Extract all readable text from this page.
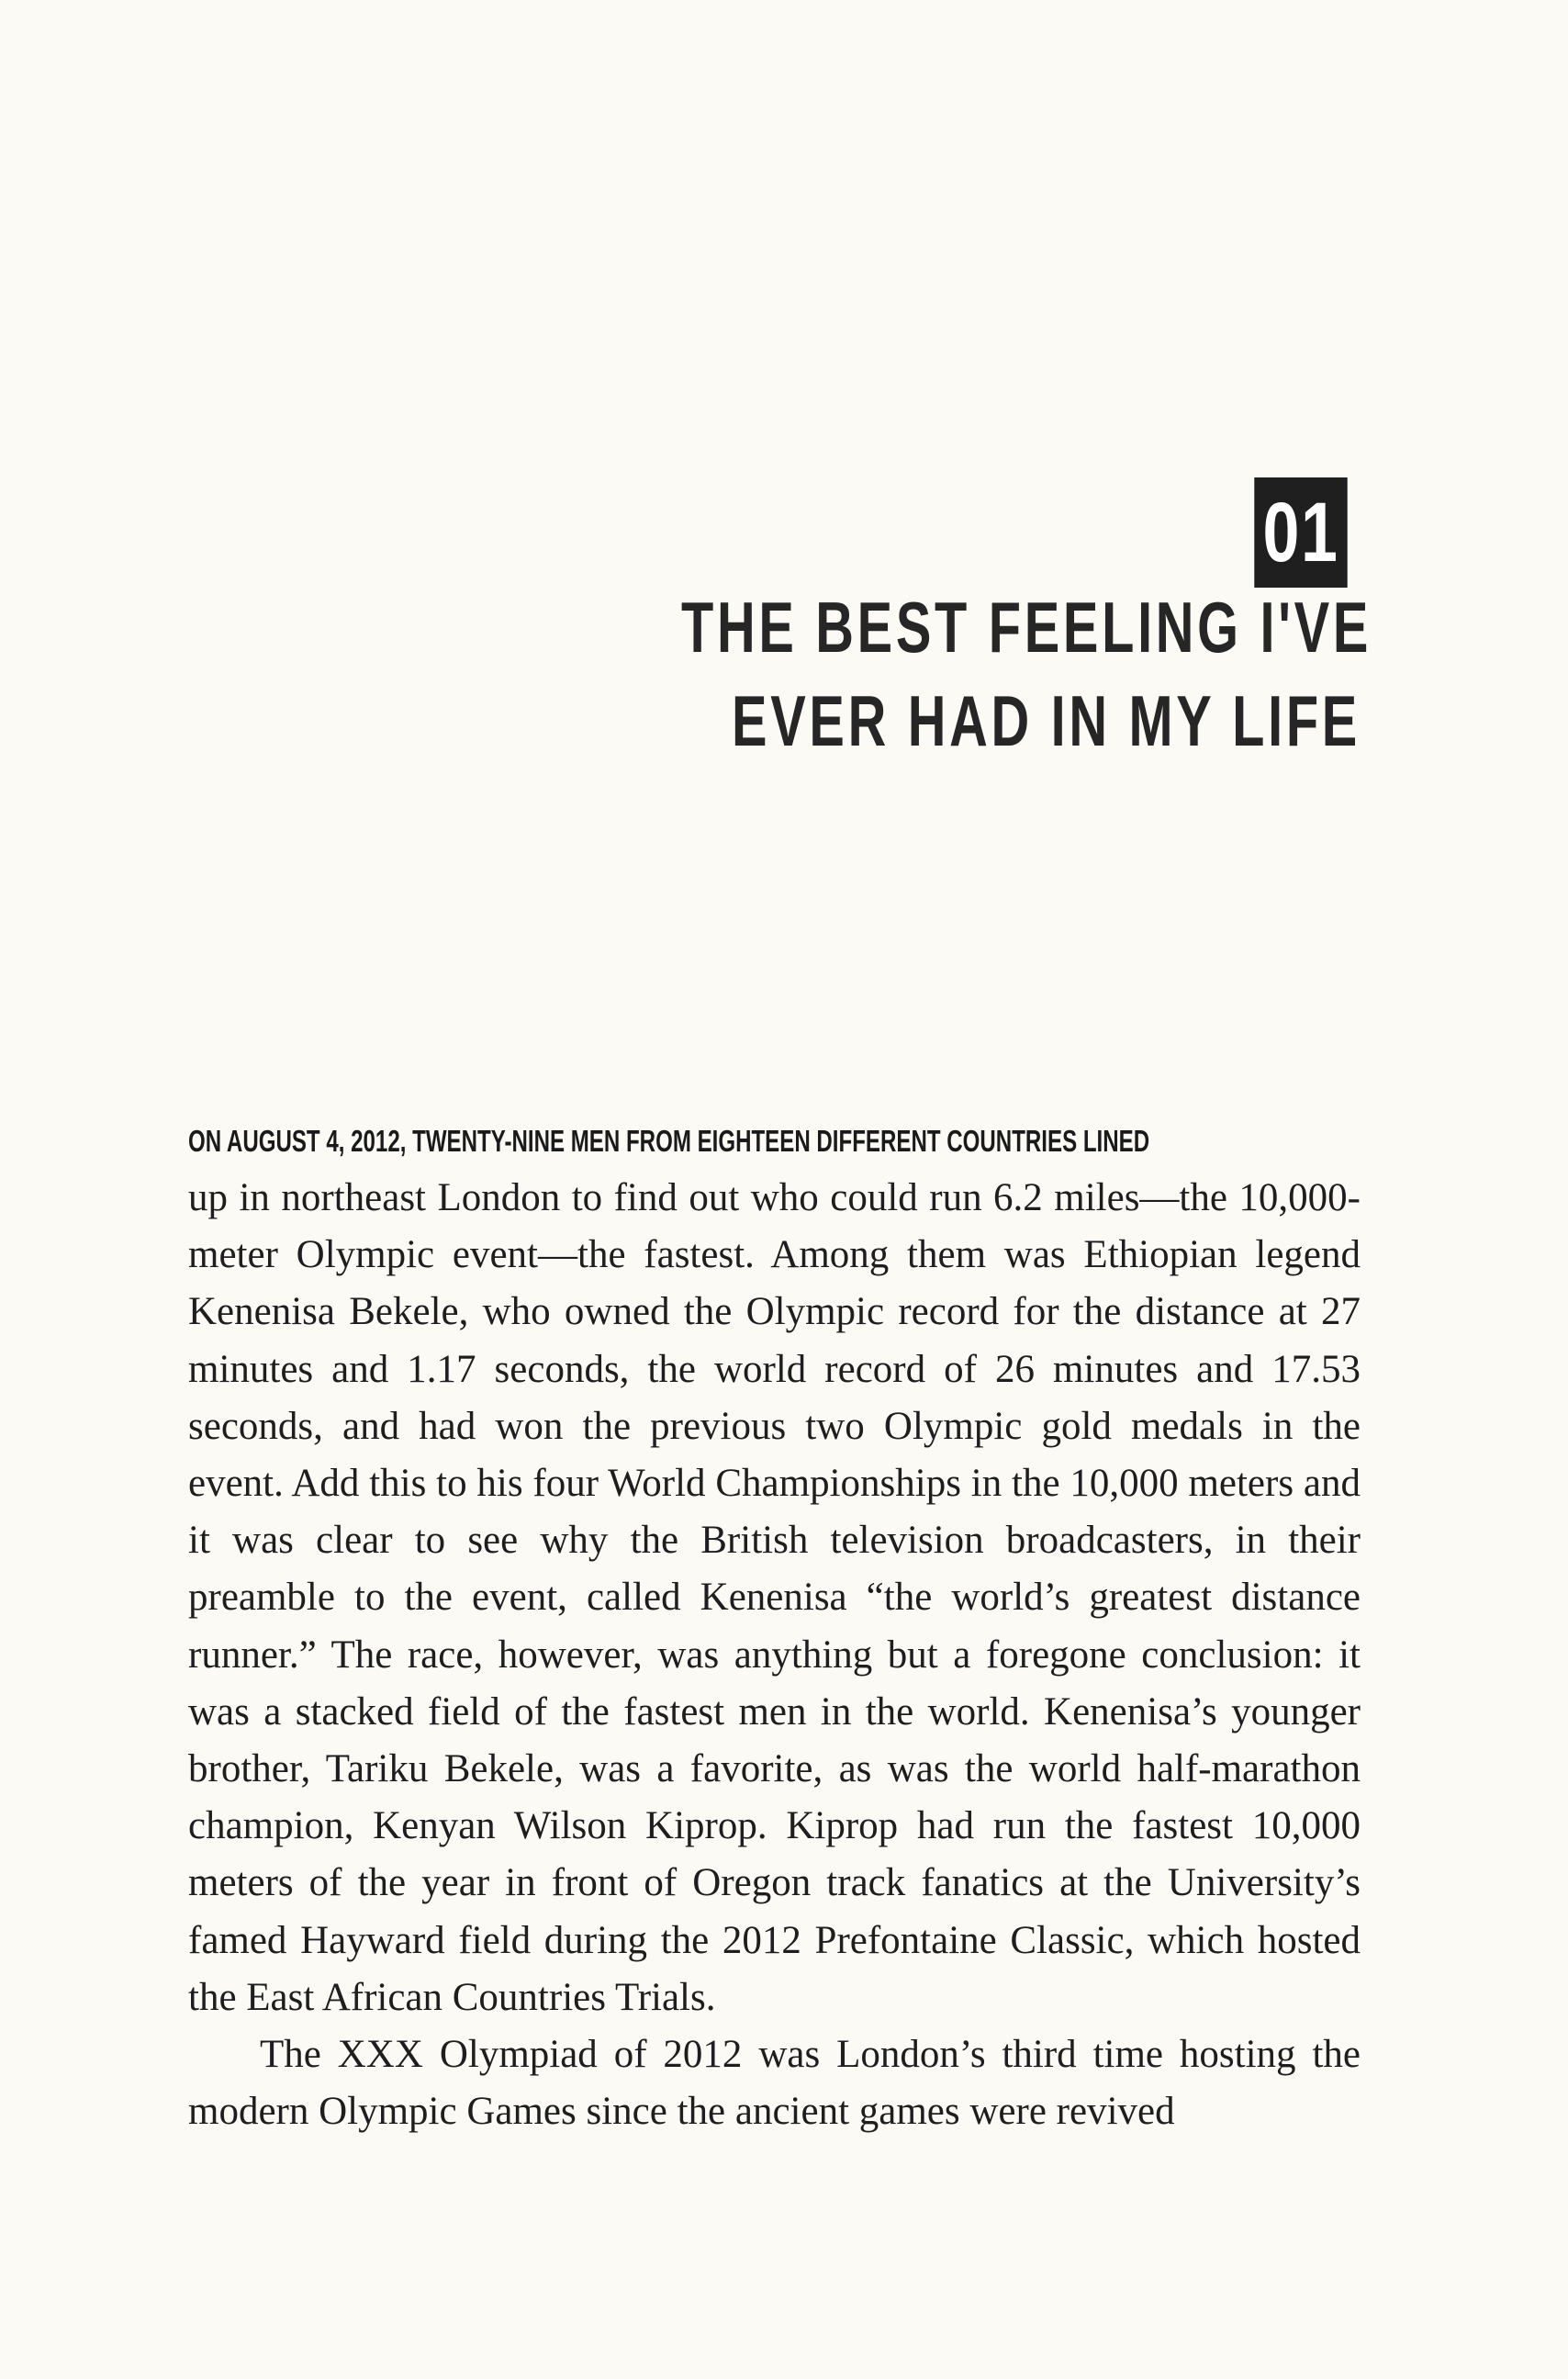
01
THE BEST FEELING I'VE
EVER HAD IN MY LIFE
ON AUGUST 4, 2012, TWENTY-NINE MEN FROM EIGHTEEN DIFFERENT COUNTRIES LINED

up in northeast London to find out who could run 6.2 miles—the 10,000-meter Olympic event—the fastest. Among them was Ethiopian legend Kenenisa Bekele, who owned the Olympic record for the distance at 27 minutes and 1.17 seconds, the world record of 26 minutes and 17.53 seconds, and had won the previous two Olympic gold medals in the event. Add this to his four World Championships in the 10,000 meters and it was clear to see why the British television broadcasters, in their preamble to the event, called Kenenisa “the world’s greatest distance runner.” The race, however, was anything but a foregone conclusion: it was a stacked field of the fastest men in the world. Kenenisa’s younger brother, Tariku Bekele, was a favorite, as was the world half-marathon champion, Kenyan Wilson Kiprop. Kiprop had run the fastest 10,000 meters of the year in front of Oregon track fanatics at the University’s famed Hayward field during the 2012 Prefontaine Classic, which hosted the East African Countries Trials.

The XXX Olympiad of 2012 was London’s third time hosting the modern Olympic Games since the ancient games were revived
